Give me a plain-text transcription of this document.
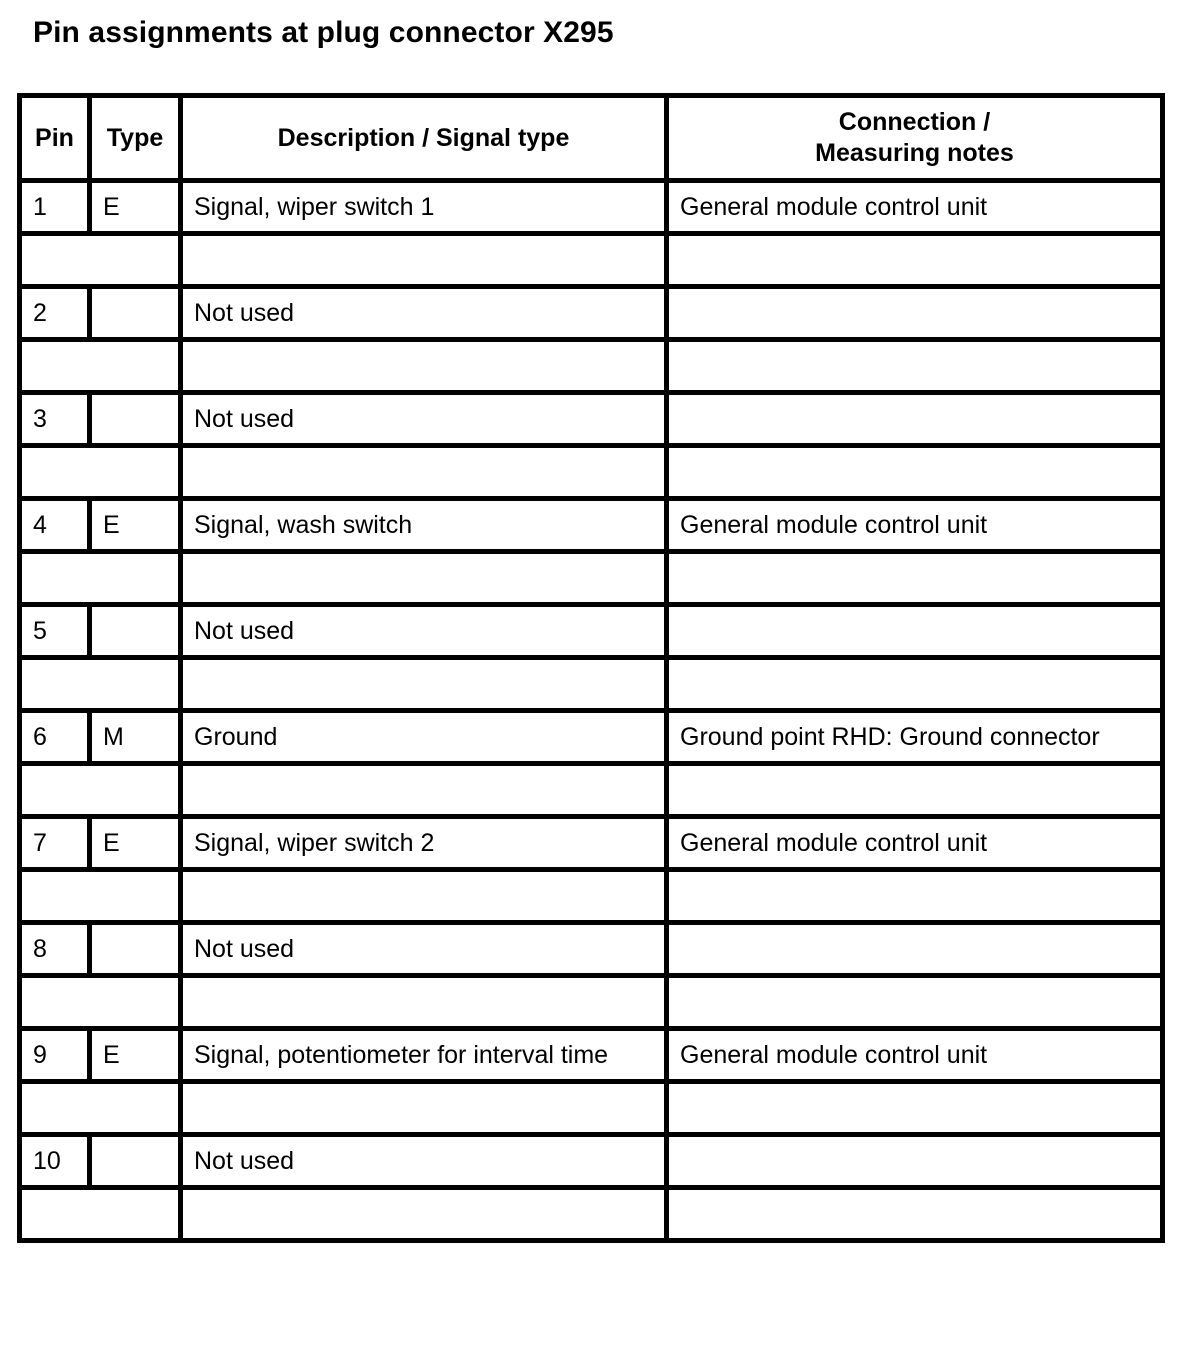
Pin assignments at plug connector X295
Pin	Type	Description / Signal type	Connection /
Measuring notes

1	E	Signal, wiper switch 1	General module control unit

2		Not used	

3		Not used	

4	E	Signal, wash switch	General module control unit

5		Not used	

6	M	Ground	Ground point RHD: Ground connector

7	E	Signal, wiper switch 2	General module control unit

8		Not used	

9	E	Signal, potentiometer for interval time	General module control unit

10		Not used	
